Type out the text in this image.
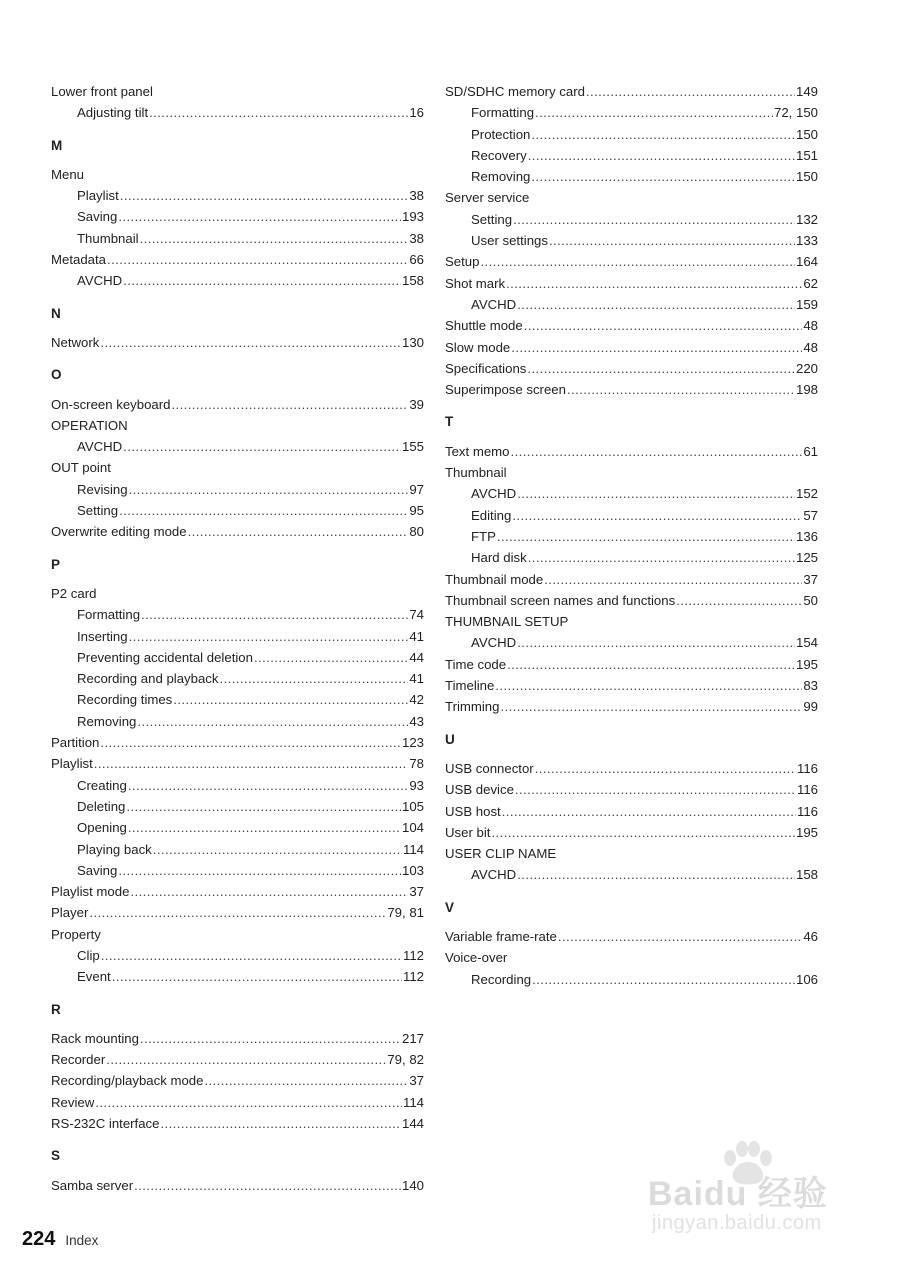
Lower front panel
Adjusting tilt .....	16
M
Menu
Playlist .....	38
Saving .....	193
Thumbnail .....	38
Metadata .....	66
AVCHD .....	158
N
Network .....	130
O
On-screen keyboard .....	39
OPERATION
AVCHD .....	155
OUT point
Revising .....	97
Setting .....	95
Overwrite editing mode .....	80
P
P2 card
Formatting .....	74
Inserting .....	41
Preventing accidental deletion .....	44
Recording and playback .....	41
Recording times .....	42
Removing .....	43
Partition .....	123
Playlist .....	78
Creating .....	93
Deleting .....	105
Opening .....	104
Playing back .....	114
Saving .....	103
Playlist mode .....	37
Player .....	79, 81
Property
Clip .....	112
Event .....	112
R
Rack mounting .....	217
Recorder .....	79, 82
Recording/playback mode .....	37
Review .....	114
RS-232C interface .....	144
S
Samba server .....	140
SD/SDHC memory card .....	149
Formatting .....	72, 150
Protection .....	150
Recovery .....	151
Removing .....	150
Server service
Setting .....	132
User settings .....	133
Setup .....	164
Shot mark .....	62
AVCHD .....	159
Shuttle mode .....	48
Slow mode .....	48
Specifications .....	220
Superimpose screen .....	198
T
Text memo .....	61
Thumbnail
AVCHD .....	152
Editing .....	57
FTP .....	136
Hard disk .....	125
Thumbnail mode .....	37
Thumbnail screen names and functions .....	50
THUMBNAIL SETUP
AVCHD .....	154
Time code .....	195
Timeline .....	83
Trimming .....	99
U
USB connector .....	116
USB device .....	116
USB host .....	116
User bit .....	195
USER CLIP NAME
AVCHD .....	158
V
Variable frame-rate .....	46
Voice-over
Recording .....	106
224 Index
Baidu 经验
jingyan.baidu.com
